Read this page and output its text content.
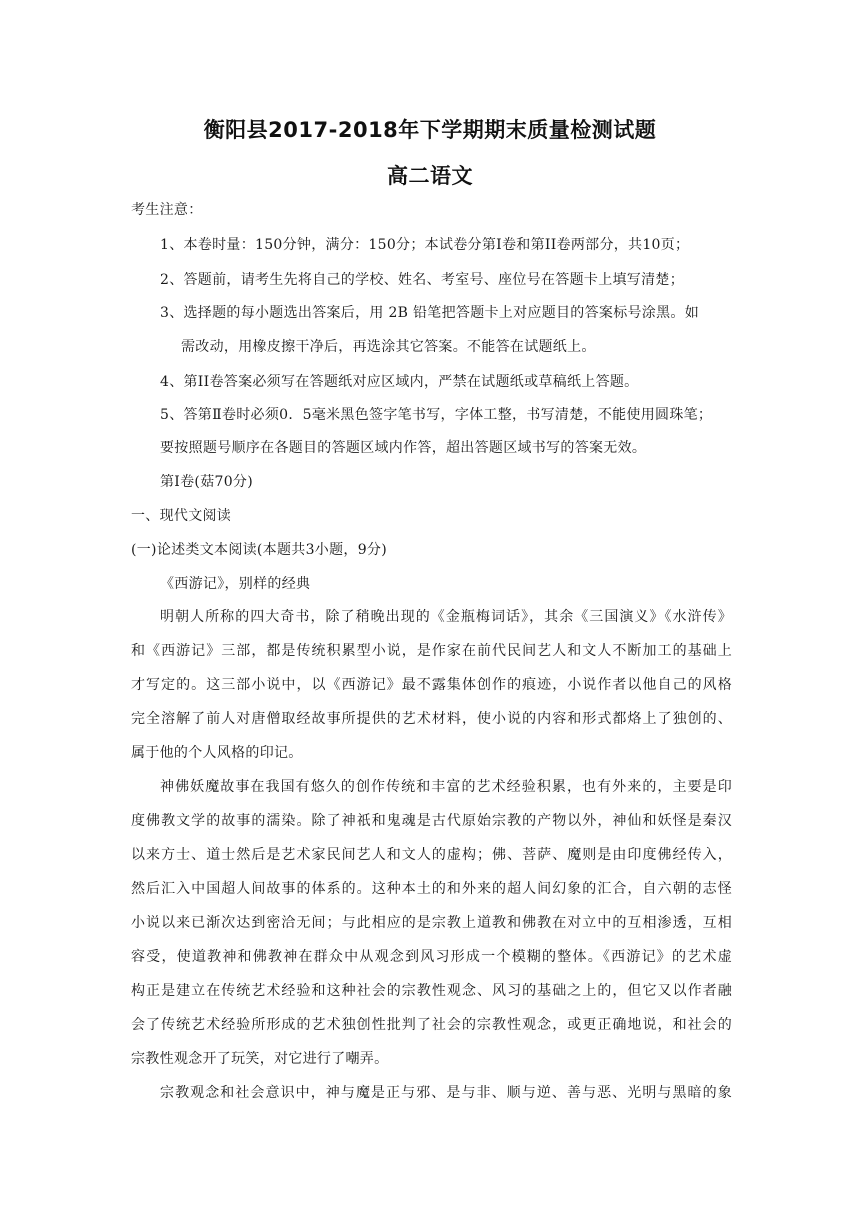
衡阳县2017-2018年下学期期末质量检测试题
高二语文
考生注意：
1、本卷时量：150分钟，满分：150分；本试卷分第I卷和第II卷两部分，共10页；
2、答题前，请考生先将自己的学校、姓名、考室号、座位号在答题卡上填写清楚；
3、选择题的每小题选出答案后，用 2B 铅笔把答题卡上对应题目的答案标号涂黑。如
需改动，用橡皮擦干净后，再选涂其它答案。不能答在试题纸上。
4、第II卷答案必须写在答题纸对应区域内，严禁在试题纸或草稿纸上答题。
5、答第Ⅱ卷时必须0．5毫米黑色签字笔书写，字体工整，书写清楚，不能使用圆珠笔；
要按照题号顺序在各题目的答题区域内作答，超出答题区域书写的答案无效。
第I卷(菇70分)
一、现代文阅读
(一)论述类文本阅读(本题共3小题，9分)
《西游记》，别样的经典
明朝人所称的四大奇书，除了稍晚出现的《金瓶梅词话》，其余《三国演义》《水浒传》
和《西游记》三部，都是传统积累型小说，是作家在前代民间艺人和文人不断加工的基础上
才写定的。这三部小说中，以《西游记》最不露集体创作的痕迹，小说作者以他自己的风格
完全溶解了前人对唐僧取经故事所提供的艺术材料，使小说的内容和形式都烙上了独创的、
属于他的个人风格的印记。
神佛妖魔故事在我国有悠久的创作传统和丰富的艺术经验积累，也有外来的，主要是印
度佛教文学的故事的濡染。除了神祇和鬼魂是古代原始宗教的产物以外，神仙和妖怪是秦汉
以来方士、道士然后是艺术家民间艺人和文人的虚构；佛、菩萨、魔则是由印度佛经传入，
然后汇入中国超人间故事的体系的。这种本土的和外来的超人间幻象的汇合，自六朝的志怪
小说以来已渐次达到密洽无间；与此相应的是宗教上道教和佛教在对立中的互相渗透，互相
容受，使道教神和佛教神在群众中从观念到风习形成一个模糊的整体。《西游记》的艺术虚
构正是建立在传统艺术经验和这种社会的宗教性观念、风习的基础之上的，但它又以作者融
会了传统艺术经验所形成的艺术独创性批判了社会的宗教性观念，或更正确地说，和社会的
宗教性观念开了玩笑，对它进行了嘲弄。
宗教观念和社会意识中，神与魔是正与邪、是与非、顺与逆、善与恶、光明与黑暗的象
